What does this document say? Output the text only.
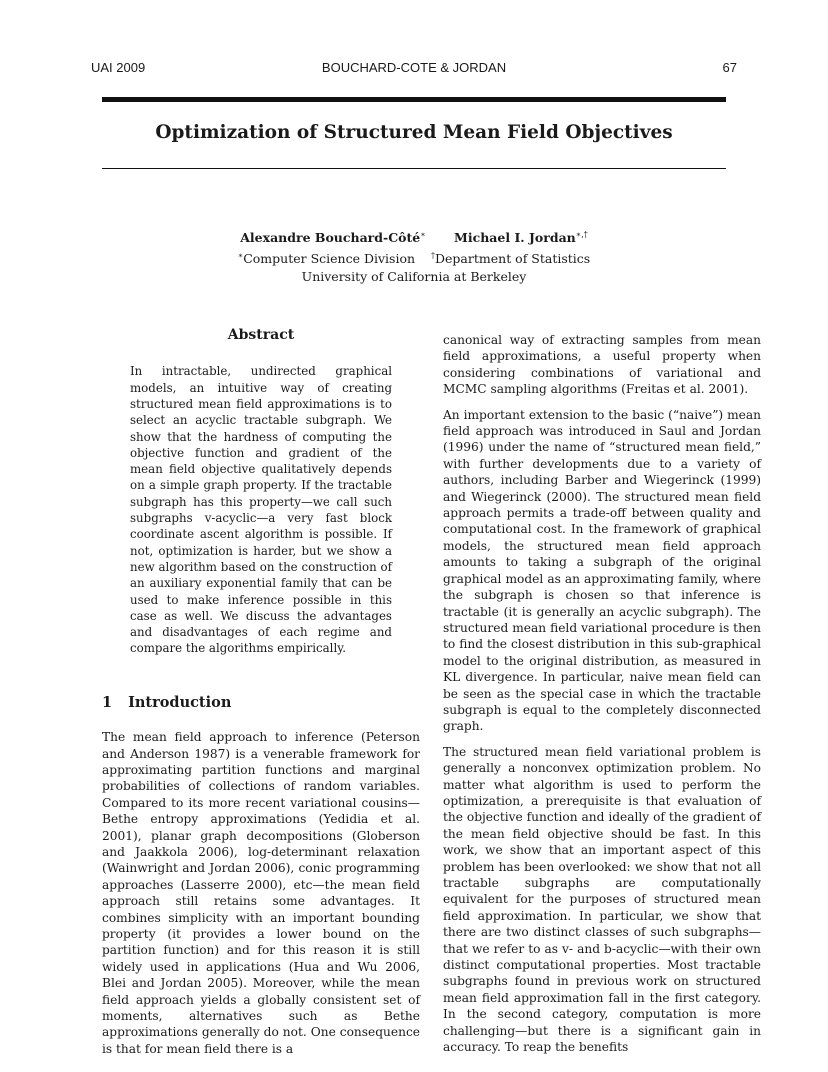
UAI 2009	BOUCHARD-COTE & JORDAN	67
Optimization of Structured Mean Field Objectives
Alexandre Bouchard-Côté∗ Michael I. Jordan∗,†
∗Computer Science Division †Department of Statistics
University of California at Berkeley
Abstract
In intractable, undirected graphical models, an intuitive way of creating structured mean field approximations is to select an acyclic tractable subgraph. We show that the hardness of computing the objective function and gradient of the mean field objective qualitatively depends on a simple graph property. If the tractable subgraph has this property—we call such subgraphs v-acyclic—a very fast block coordinate ascent algorithm is possible. If not, optimization is harder, but we show a new algorithm based on the construction of an auxiliary exponential family that can be used to make inference possible in this case as well. We discuss the advantages and disadvantages of each regime and compare the algorithms empirically.
1 Introduction

The mean field approach to inference (Peterson and Anderson 1987) is a venerable framework for approximating partition functions and marginal probabilities of collections of random variables. Compared to its more recent variational cousins—Bethe entropy approximations (Yedidia et al. 2001), planar graph decompositions (Globerson and Jaakkola 2006), log-determinant relaxation (Wainwright and Jordan 2006), conic programming approaches (Lasserre 2000), etc—the mean field approach still retains some advantages. It combines simplicity with an important bounding property (it provides a lower bound on the partition function) and for this reason it is still widely used in applications (Hua and Wu 2006, Blei and Jordan 2005). Moreover, while the mean field approach yields a globally consistent set of moments, alternatives such as Bethe approximations generally do not. One consequence is that for mean field there is a

canonical way of extracting samples from mean field approximations, a useful property when considering combinations of variational and MCMC sampling algorithms (Freitas et al. 2001).

An important extension to the basic (“naive”) mean field approach was introduced in Saul and Jordan (1996) under the name of “structured mean field,” with further developments due to a variety of authors, including Barber and Wiegerinck (1999) and Wiegerinck (2000). The structured mean field approach permits a trade-off between quality and computational cost. In the framework of graphical models, the structured mean field approach amounts to taking a subgraph of the original graphical model as an approximating family, where the subgraph is chosen so that inference is tractable (it is generally an acyclic subgraph). The structured mean field variational procedure is then to find the closest distribution in this sub-graphical model to the original distribution, as measured in KL divergence. In particular, naive mean field can be seen as the special case in which the tractable subgraph is equal to the completely disconnected graph.

The structured mean field variational problem is generally a nonconvex optimization problem. No matter what algorithm is used to perform the optimization, a prerequisite is that evaluation of the objective function and ideally of the gradient of the mean field objective should be fast. In this work, we show that an important aspect of this problem has been overlooked: we show that not all tractable subgraphs are computationally equivalent for the purposes of structured mean field approximation. In particular, we show that there are two distinct classes of such subgraphs—that we refer to as v- and b-acyclic—with their own distinct computational properties. Most tractable subgraphs found in previous work on structured mean field approximation fall in the first category. In the second category, computation is more challenging—but there is a significant gain in accuracy. To reap the benefits
